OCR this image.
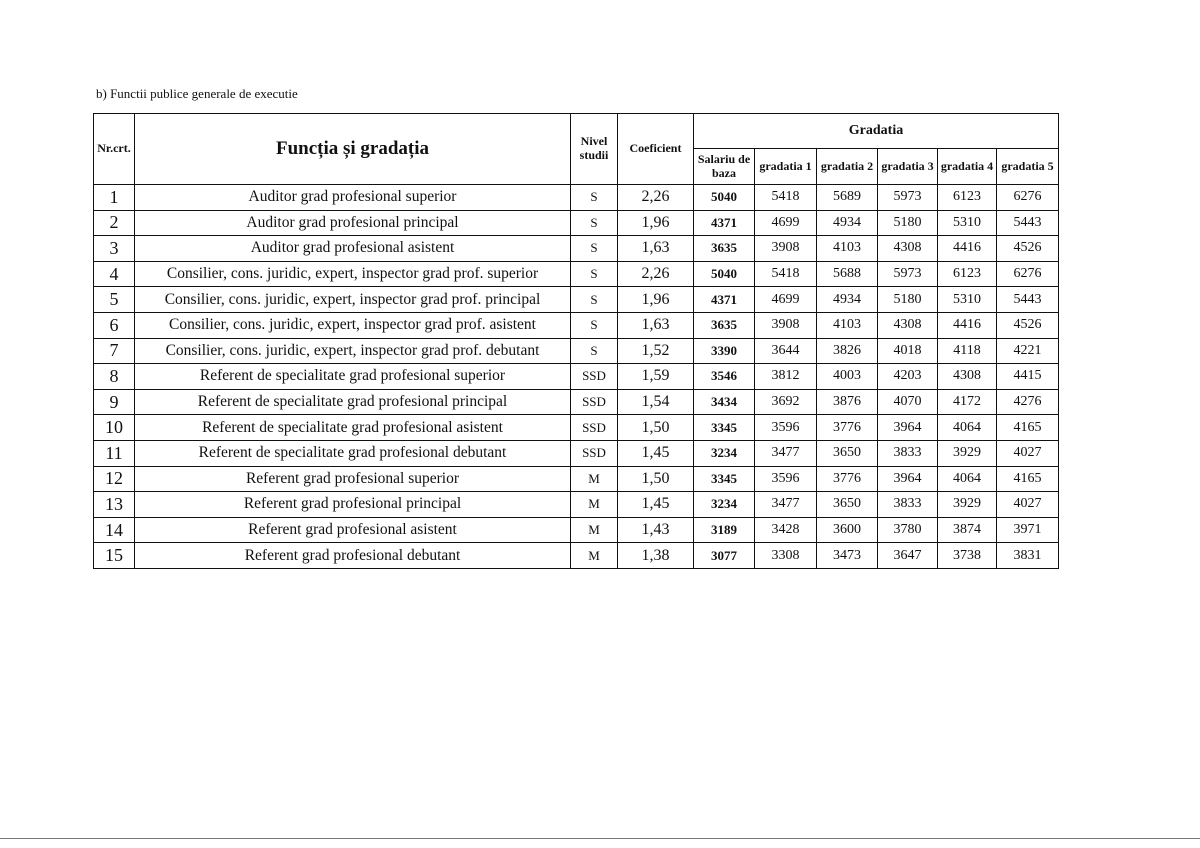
b) Functii publice generale de executie
Nr.crt.	Funcția și gradația	Nivel studii	Coeficient	Gradatia					
				Salariu de baza	gradatia 1	gradatia 2	gradatia 3	gradatia 4	gradatia 5
1	Auditor grad profesional superior	S	2,26	5040	5418	5689	5973	6123	6276
2	Auditor grad profesional principal	S	1,96	4371	4699	4934	5180	5310	5443
3	Auditor grad profesional asistent	S	1,63	3635	3908	4103	4308	4416	4526
4	Consilier, cons. juridic, expert, inspector grad prof. superior	S	2,26	5040	5418	5688	5973	6123	6276
5	Consilier, cons. juridic, expert, inspector grad prof. principal	S	1,96	4371	4699	4934	5180	5310	5443
6	Consilier, cons. juridic, expert, inspector grad prof. asistent	S	1,63	3635	3908	4103	4308	4416	4526
7	Consilier, cons. juridic, expert, inspector grad prof. debutant	S	1,52	3390	3644	3826	4018	4118	4221
8	Referent de specialitate grad profesional superior	SSD	1,59	3546	3812	4003	4203	4308	4415
9	Referent de specialitate grad profesional principal	SSD	1,54	3434	3692	3876	4070	4172	4276
10	Referent de specialitate grad profesional asistent	SSD	1,50	3345	3596	3776	3964	4064	4165
11	Referent de specialitate grad profesional debutant	SSD	1,45	3234	3477	3650	3833	3929	4027
12	Referent grad profesional superior	M	1,50	3345	3596	3776	3964	4064	4165
13	Referent grad profesional principal	M	1,45	3234	3477	3650	3833	3929	4027
14	Referent grad profesional asistent	M	1,43	3189	3428	3600	3780	3874	3971
15	Referent grad profesional debutant	M	1,38	3077	3308	3473	3647	3738	3831
